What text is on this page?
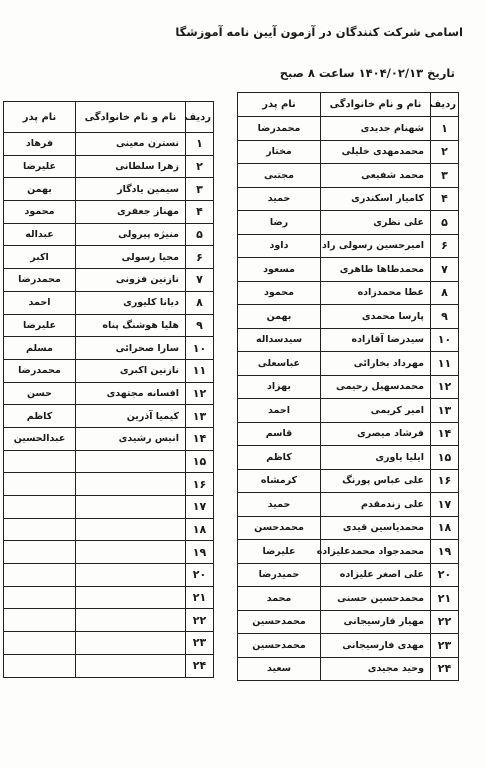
اسامی شرکت کنندگان در آزمون آیین نامه آموزشگا
تاریخ ۱۴۰۴/۰۲/۱۳ ساعت ۸ صبح
ردیف	نام و نام خانوادگی	نام پدر
۱	شهنام جدیدی	محمدرضا
۲	محمدمهدی خلیلی	مختار
۳	محمد شفیعی	مجتبی
۴	کامیار اسکندری	حمید
۵	علی نظری	رضا
۶	امیرحسین رسولی راد	داود
۷	محمدطاها طاهری	مسعود
۸	عطا محمدزاده	محمود
۹	پارسا محمدی	بهمن
۱۰	سیدرضا آقازاده	سیدسداله
۱۱	مهرداد بخارائی	عباسعلی
۱۲	محمدسهیل رحیمی	بهزاد
۱۳	امیر کریمی	احمد
۱۴	فرشاد میصری	قاسم
۱۵	ایلیا یاوری	کاظم
۱۶	علی عباس پورنگ	کرمشاه
۱۷	علی زندمقدم	حمید
۱۸	محمدیاسین قیدی	محمدحسن
۱۹	محمدجواد محمدعلیزاده	علیرضا
۲۰	علی اصغر علیزاده	حمیدرضا
۲۱	محمدحسین حسنی	محمد
۲۲	مهیار فارسیجانی	محمدحسین
۲۳	مهدی فارسیجانی	محمدحسین
۲۴	وحید مجیدی	سعید
ردیف	نام و نام خانوادگی	نام پدر
۱	نسترن معینی	فرهاد
۲	زهرا سلطانی	علیرضا
۳	سیمین یادگار	بهمن
۴	مهناز جعفری	محمود
۵	منیژه پیرولی	عبداله
۶	محیا رسولی	اکبر
۷	نازنین فزونی	محمدرضا
۸	دیانا کلیوری	احمد
۹	هلیا هوشنگ پناه	علیرضا
۱۰	سارا صحرائی	مسلم
۱۱	نازنین اکبری	محمدرضا
۱۲	افسانه مجتهدی	حسن
۱۳	کیمیا آذرین	کاظم
۱۴	انیس رشیدی	عبدالحسین
۱۵		
۱۶		
۱۷		
۱۸		
۱۹		
۲۰		
۲۱		
۲۲		
۲۳		
۲۴		
